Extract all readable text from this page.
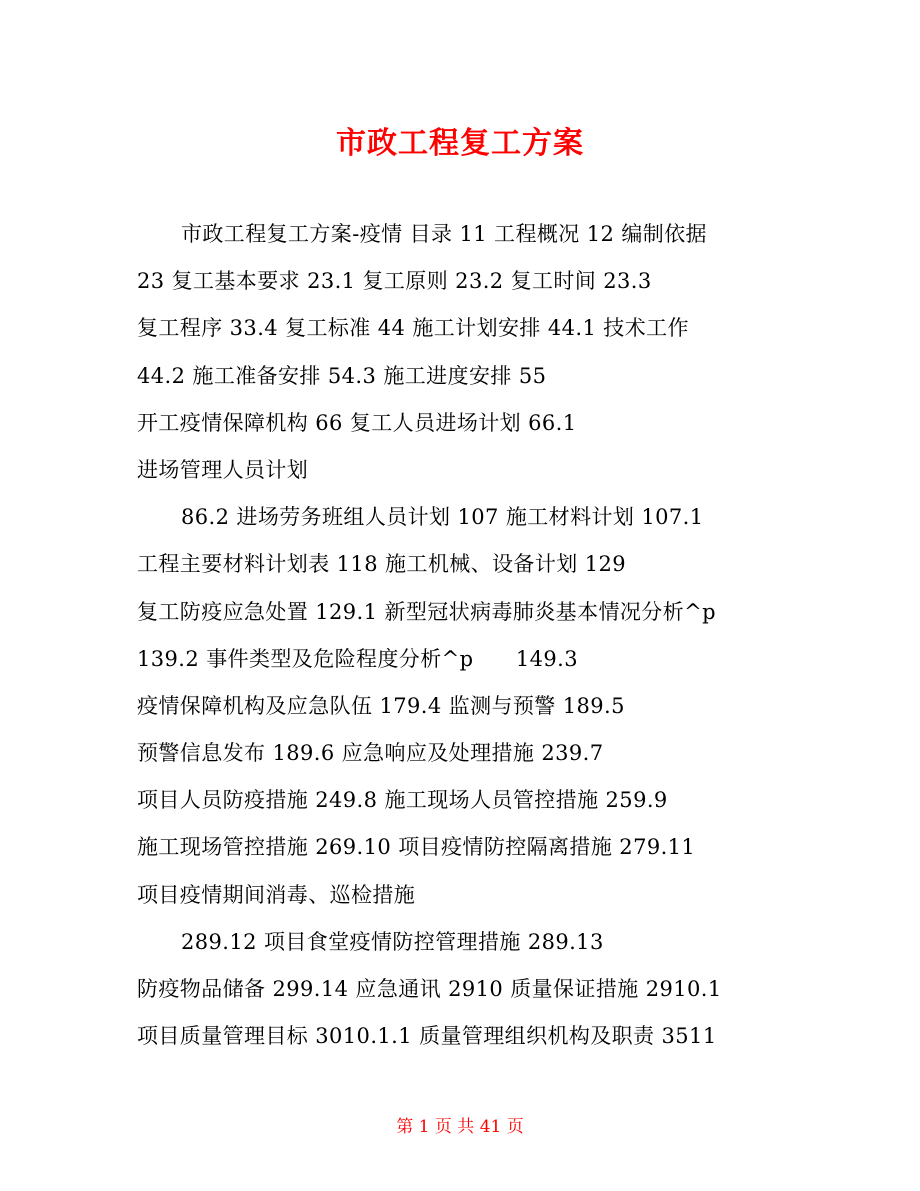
市政工程复工方案
市政工程复工方案-疫情 目录 11 工程概况 12 编制依据
23 复工基本要求 23.1 复工原则 23.2 复工时间 23.3
复工程序 33.4 复工标准 44 施工计划安排 44.1 技术工作
44.2 施工准备安排 54.3 施工进度安排 55
开工疫情保障机构 66 复工人员进场计划 66.1
进场管理人员计划
86.2 进场劳务班组人员计划 107 施工材料计划 107.1
工程主要材料计划表 118 施工机械、设备计划 129
复工防疫应急处置 129.1 新型冠状病毒肺炎基本情况分析^p
139.2 事件类型及危险程度分析^p      149.3
疫情保障机构及应急队伍 179.4 监测与预警 189.5
预警信息发布 189.6 应急响应及处理措施 239.7
项目人员防疫措施 249.8 施工现场人员管控措施 259.9
施工现场管控措施 269.10 项目疫情防控隔离措施 279.11
项目疫情期间消毒、巡检措施
289.12 项目食堂疫情防控管理措施 289.13
防疫物品储备 299.14 应急通讯 2910 质量保证措施 2910.1
项目质量管理目标 3010.1.1 质量管理组织机构及职责 3511
第 1 页 共 41 页
